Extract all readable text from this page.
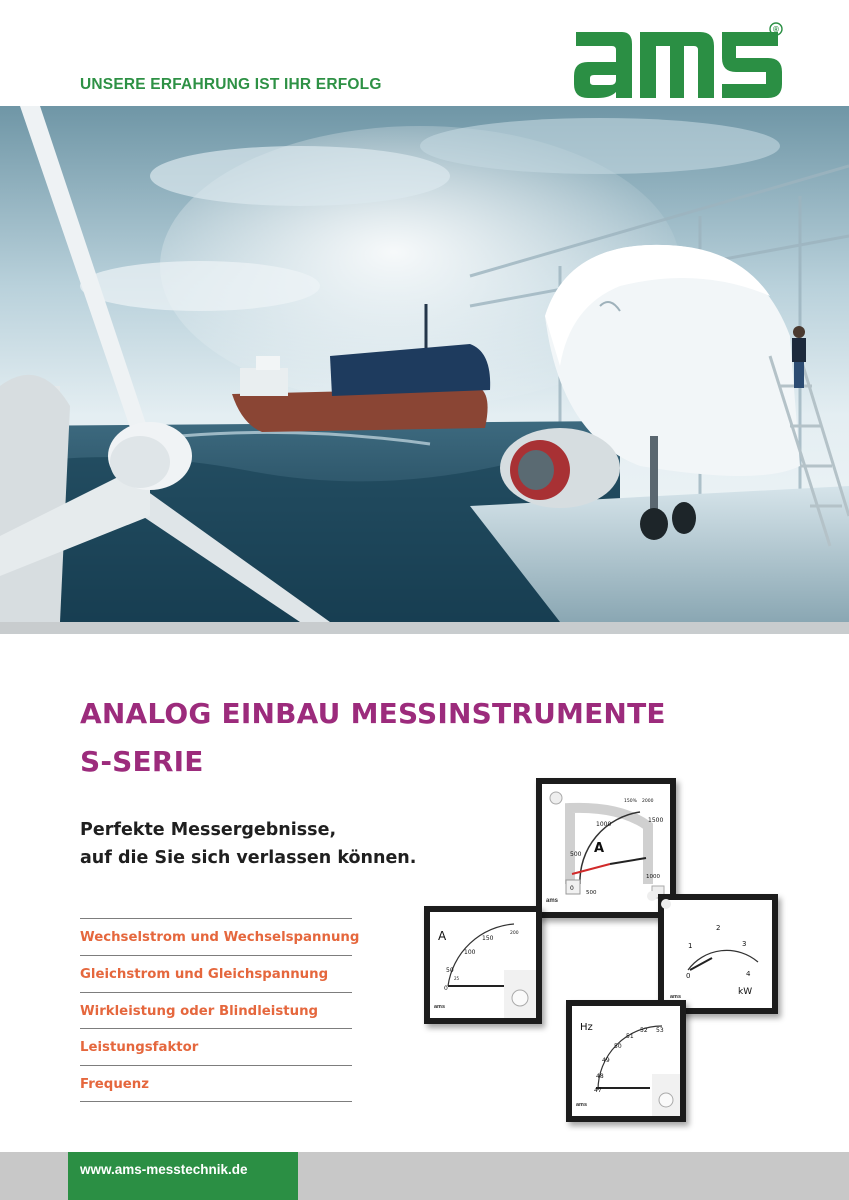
UNSERE ERFAHRUNG IST IHR ERFOLG
®
ANALOG EINBAU MESSINSTRUMENTE
S-SERIE
Perfekte Messergebnisse,
auf die Sie sich verlassen können.
Wechselstrom und Wechselspannung
Gleichstrom und Gleichspannung
Wirkleistung oder Blindleistung
Leistungsfaktor
Frequenz
A
0
500
1000
1500
1000
500
150% 2000
ams
A
0
50
100
150
200
25
ams
0
1
2
3
4
kW
ams
Hz
47
48
49
50
51
52 53
ams
www.ams-messtechnik.de
